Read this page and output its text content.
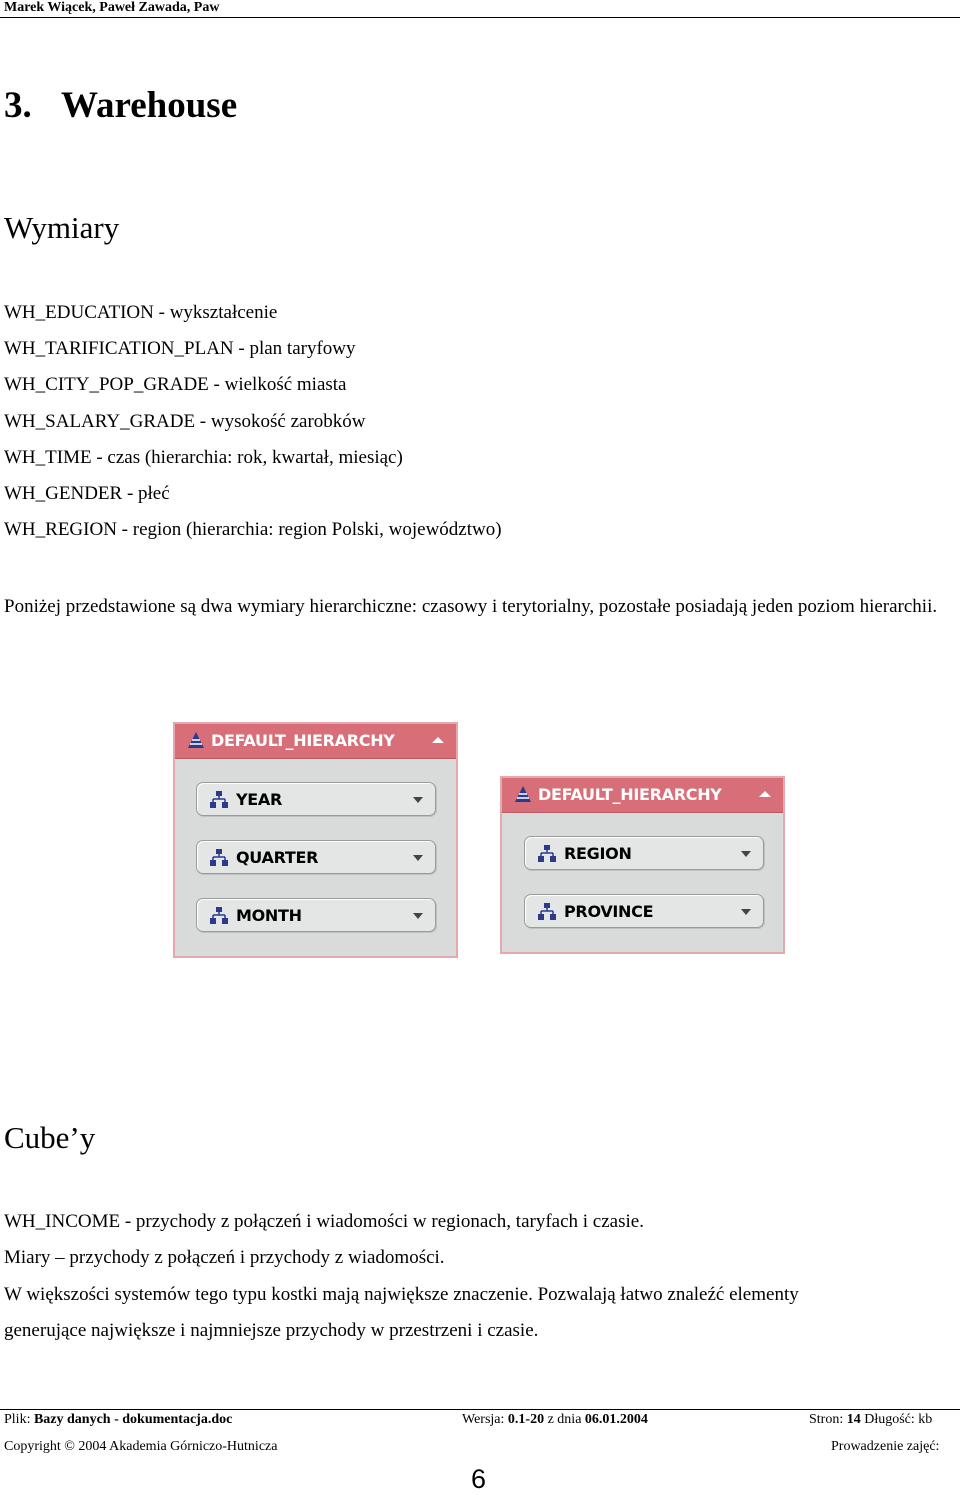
Marek Wiącek, Paweł Zawada, Paw
3. Warehouse
Wymiary
WH_EDUCATION - wykształcenie
WH_TARIFICATION_PLAN - plan taryfowy
WH_CITY_POP_GRADE - wielkość miasta
WH_SALARY_GRADE - wysokość zarobków
WH_TIME - czas (hierarchia: rok, kwartał, miesiąc)
WH_GENDER - płeć
WH_REGION - region (hierarchia: region Polski, województwo)
Poniżej przedstawione są dwa wymiary hierarchiczne: czasowy i terytorialny, pozostałe posiadają jeden poziom hierarchii.
DEFAULT_HIERARCHY
YEAR
QUARTER
MONTH
DEFAULT_HIERARCHY
REGION
PROVINCE
Cube’y
WH_INCOME - przychody z połączeń i wiadomości w regionach, taryfach i czasie.
Miary – przychody z połączeń i przychody z wiadomości.
W większości systemów tego typu kostki mają największe znaczenie. Pozwalają łatwo znaleźć elementy
generujące największe i najmniejsze przychody w przestrzeni i czasie.
Plik: Bazy danych - dokumentacja.doc	Wersja: 0.1-20 z dnia 06.01.2004	Stron: 14 Długość: kb
Copyright © 2004 Akademia Górniczo-Hutnicza	Prowadzenie zajęć:
6
